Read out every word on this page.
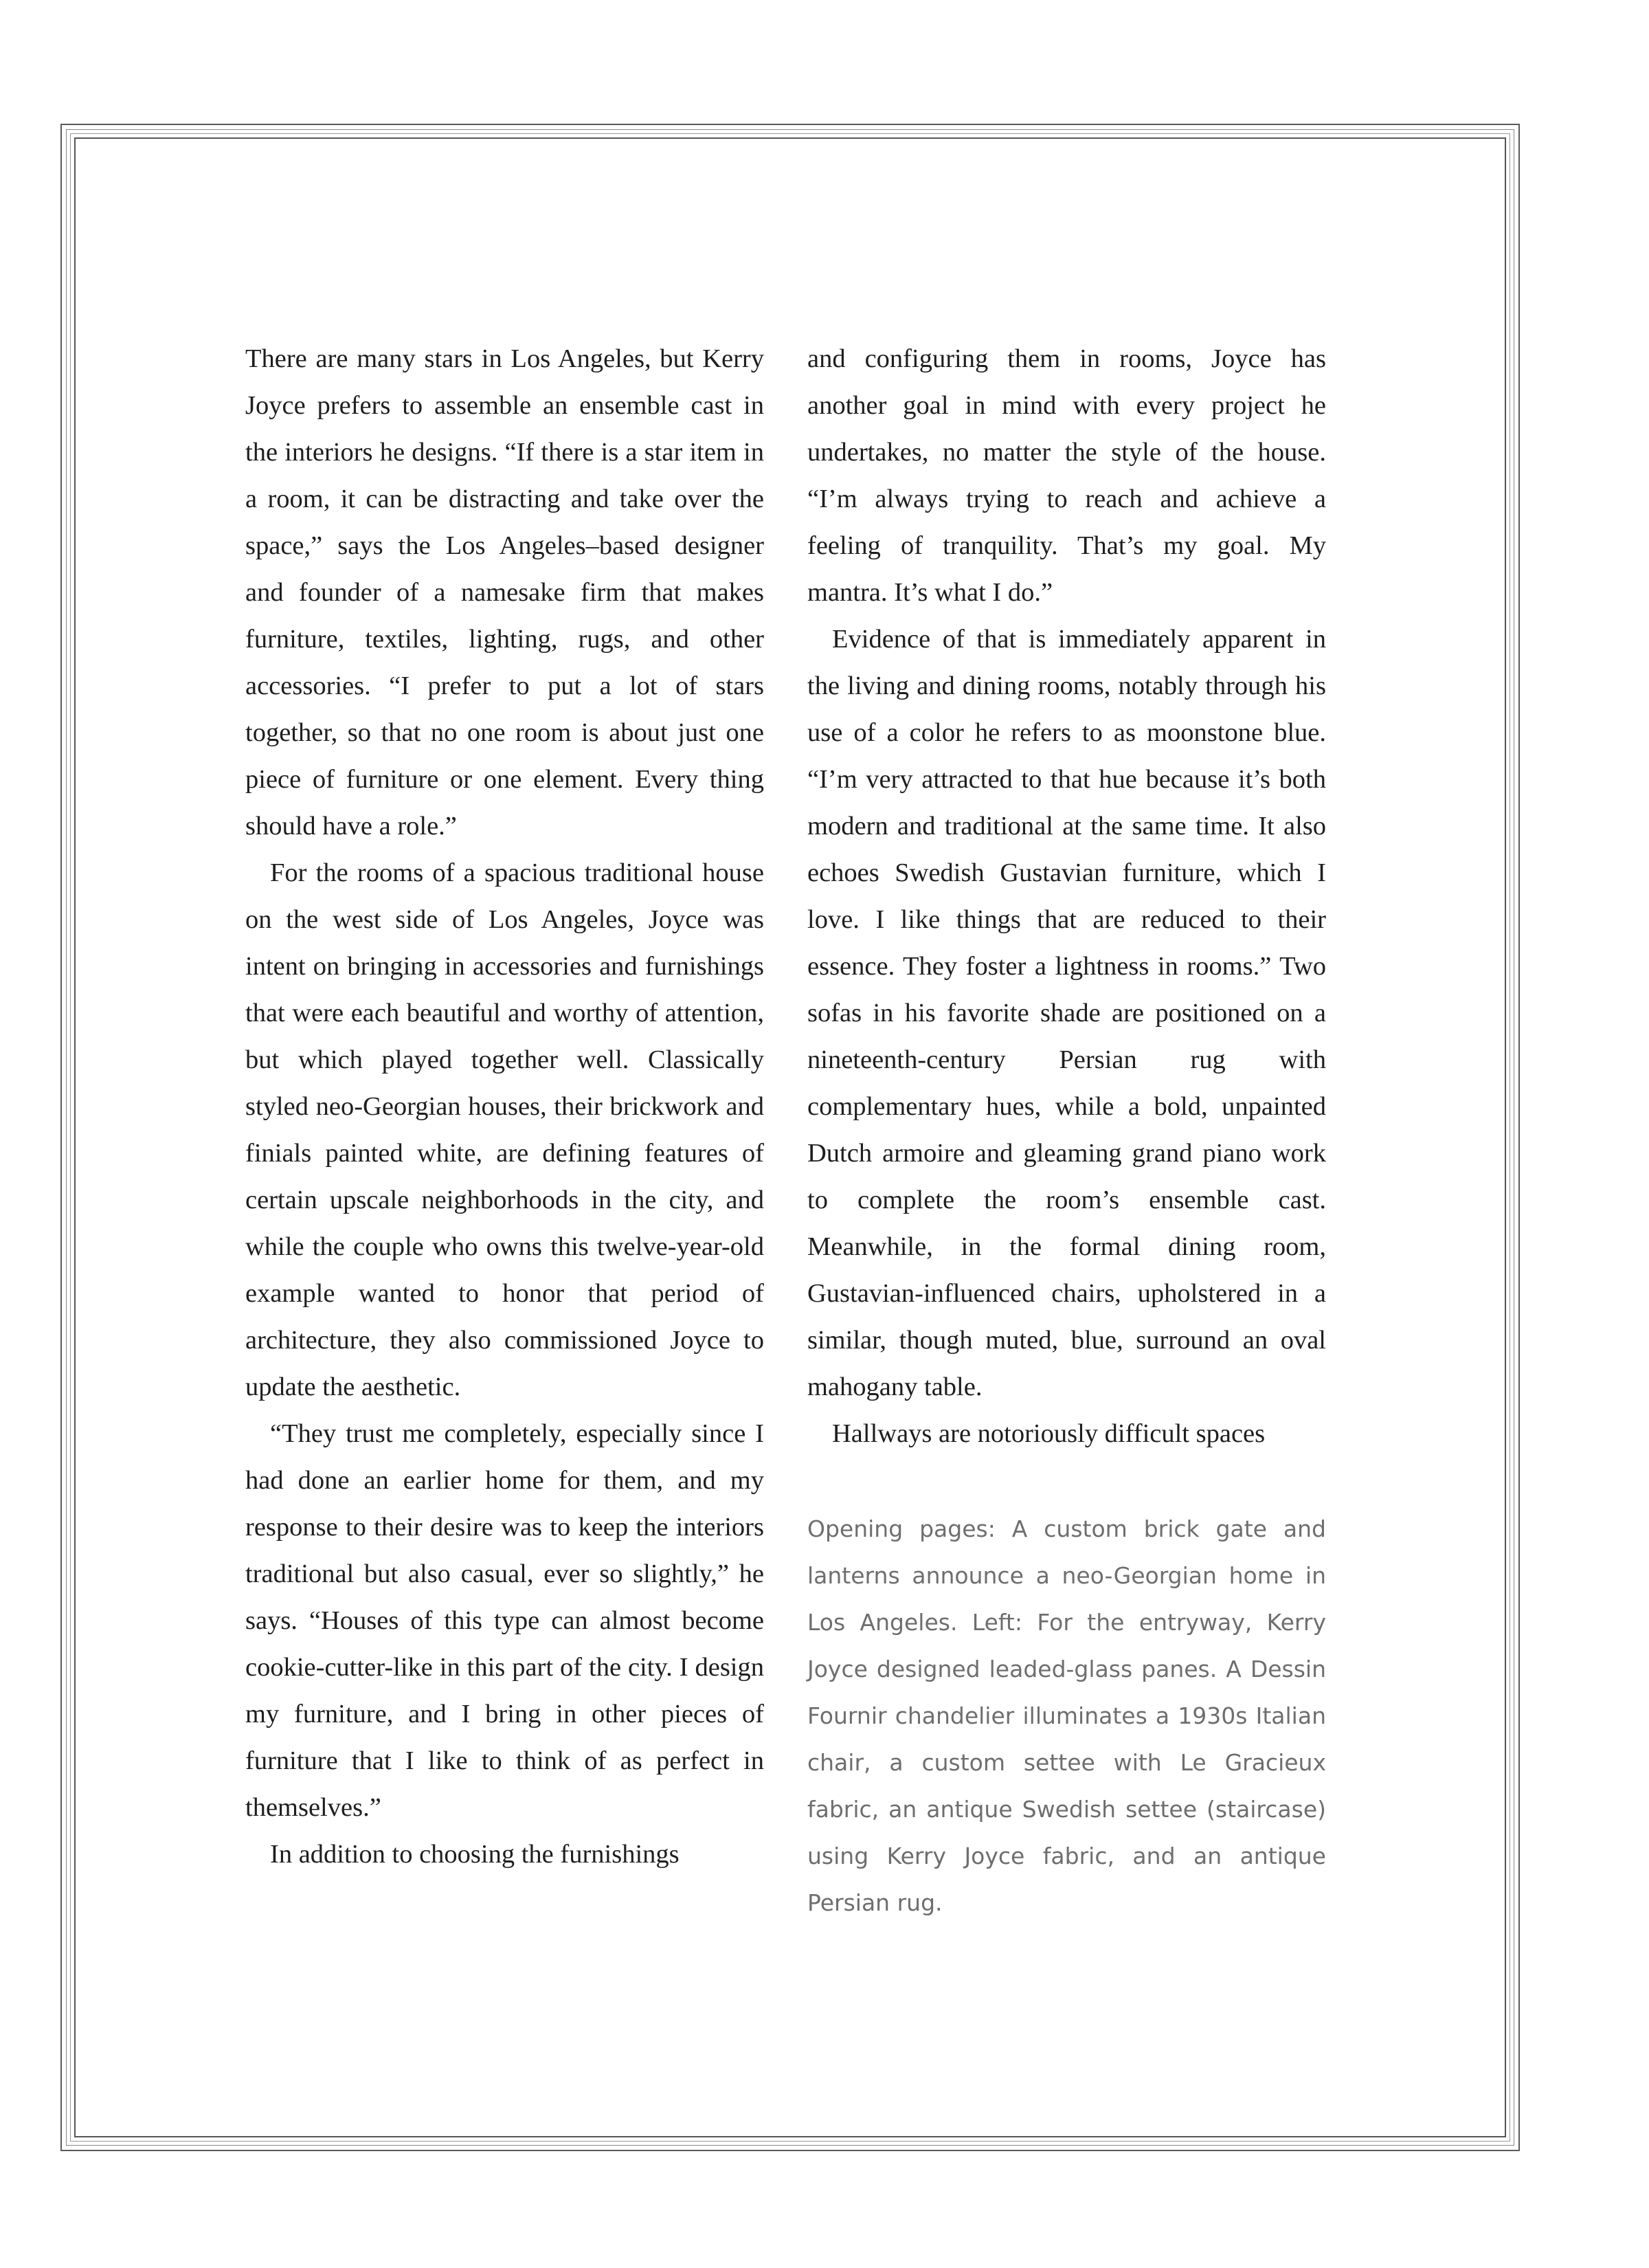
There are many stars in Los Angeles, but Kerry Joyce prefers to assemble an ensemble cast in the interiors he designs. “If there is a star item in a room, it can be distracting and take over the space,” says the Los Angeles–based designer and founder of a namesake firm that makes furniture, textiles, lighting, rugs, and other accessories. “I prefer to put a lot of stars together, so that no one room is about just one piece of furniture or one element. Every thing should have a role.”

For the rooms of a spacious traditional house on the west side of Los Angeles, Joyce was intent on bringing in accessories and furnishings that were each beautiful and worthy of attention, but which played together well. Classically styled neo-Georgian houses, their brickwork and finials painted white, are defining features of certain upscale neighborhoods in the city, and while the couple who owns this twelve-year-old example wanted to honor that period of architecture, they also commissioned Joyce to update the aesthetic.

“They trust me completely, especially since I had done an earlier home for them, and my response to their desire was to keep the interiors traditional but also casual, ever so slightly,” he says. “Houses of this type can almost become cookie-cutter-like in this part of the city. I design my furniture, and I bring in other pieces of furniture that I like to think of as perfect in themselves.”

In addition to choosing the furnishings

and configuring them in rooms, Joyce has another goal in mind with every project he undertakes, no matter the style of the house. “I’m always trying to reach and achieve a feeling of tranquility. That’s my goal. My mantra. It’s what I do.”

Evidence of that is immediately apparent in the living and dining rooms, notably through his use of a color he refers to as moonstone blue. “I’m very attracted to that hue because it’s both modern and traditional at the same time. It also echoes Swedish Gustavian furniture, which I love. I like things that are reduced to their essence. They foster a lightness in rooms.” Two sofas in his favorite shade are positioned on a nineteenth-century Persian rug with complementary hues, while a bold, unpainted Dutch armoire and gleaming grand piano work to complete the room’s ensemble cast. Meanwhile, in the formal dining room, Gustavian-influenced chairs, upholstered in a similar, though muted, blue, surround an oval mahogany table.

Hallways are notoriously difficult spaces

Opening pages: A custom brick gate and lanterns announce a neo-Georgian home in Los Angeles. Left: For the entryway, Kerry Joyce designed leaded-glass panes. A Dessin Fournir chandelier illuminates a 1930s Italian chair, a custom settee with Le Gracieux fabric, an antique Swedish settee (staircase) using Kerry Joyce fabric, and an antique Persian rug.
